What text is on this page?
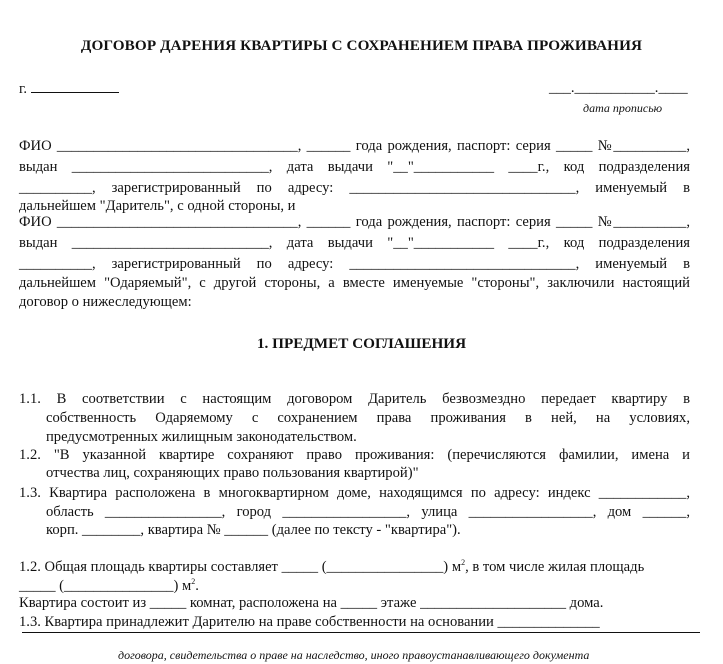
ДОГОВОР ДАРЕНИЯ КВАРТИРЫ С СОХРАНЕНИЕМ ПРАВА ПРОЖИВАНИЯ
г.	___.___________.____
дата прописью
ФИО _________________________________, ______ года рождения, паспорт: серия _____ №__________,
выдан ___________________________, дата выдачи "__"___________ ____г., код подразделения
__________, зарегистрированный по адресу: _______________________________, именуемый в
дальнейшем "Даритель", с одной стороны, и
ФИО _________________________________, ______ года рождения, паспорт: серия _____ №__________,
выдан ___________________________, дата выдачи "__"___________ ____г., код подразделения
__________, зарегистрированный по адресу: _______________________________, именуемый в
дальнейшем "Одаряемый", с другой стороны, а вместе именуемые "стороны", заключили настоящий
договор о нижеследующем:
1. ПРЕДМЕТ СОГЛАШЕНИЯ
1.1. В соответствии с настоящим договором Даритель безвозмездно передает квартиру в
собственность Одаряемому с сохранением права проживания в ней, на условиях,
предусмотренных жилищным законодательством.
1.2. "В указанной квартире сохраняют право проживания: (перечисляются фамилии, имена и
отчества лиц, сохраняющих право пользования квартирой)"
1.3. Квартира расположена в многоквартирном доме, находящимся по адресу: индекс ____________,
область ________________, город _________________, улица _________________, дом ______,
корп. ________, квартира № ______ (далее по тексту - "квартира").
1.2. Общая площадь квартиры составляет _____ (________________) $м^2$, в том числе жилая площадь
_____ (_______________) $м^2$.
Квартира состоит из _____ комнат, расположена на _____ этаже ____________________ дома.
1.3. Квартира принадлежит Дарителю на праве собственности на основании ______________
договора, свидетельства о праве на наследство, иного правоустанавливающего документа
